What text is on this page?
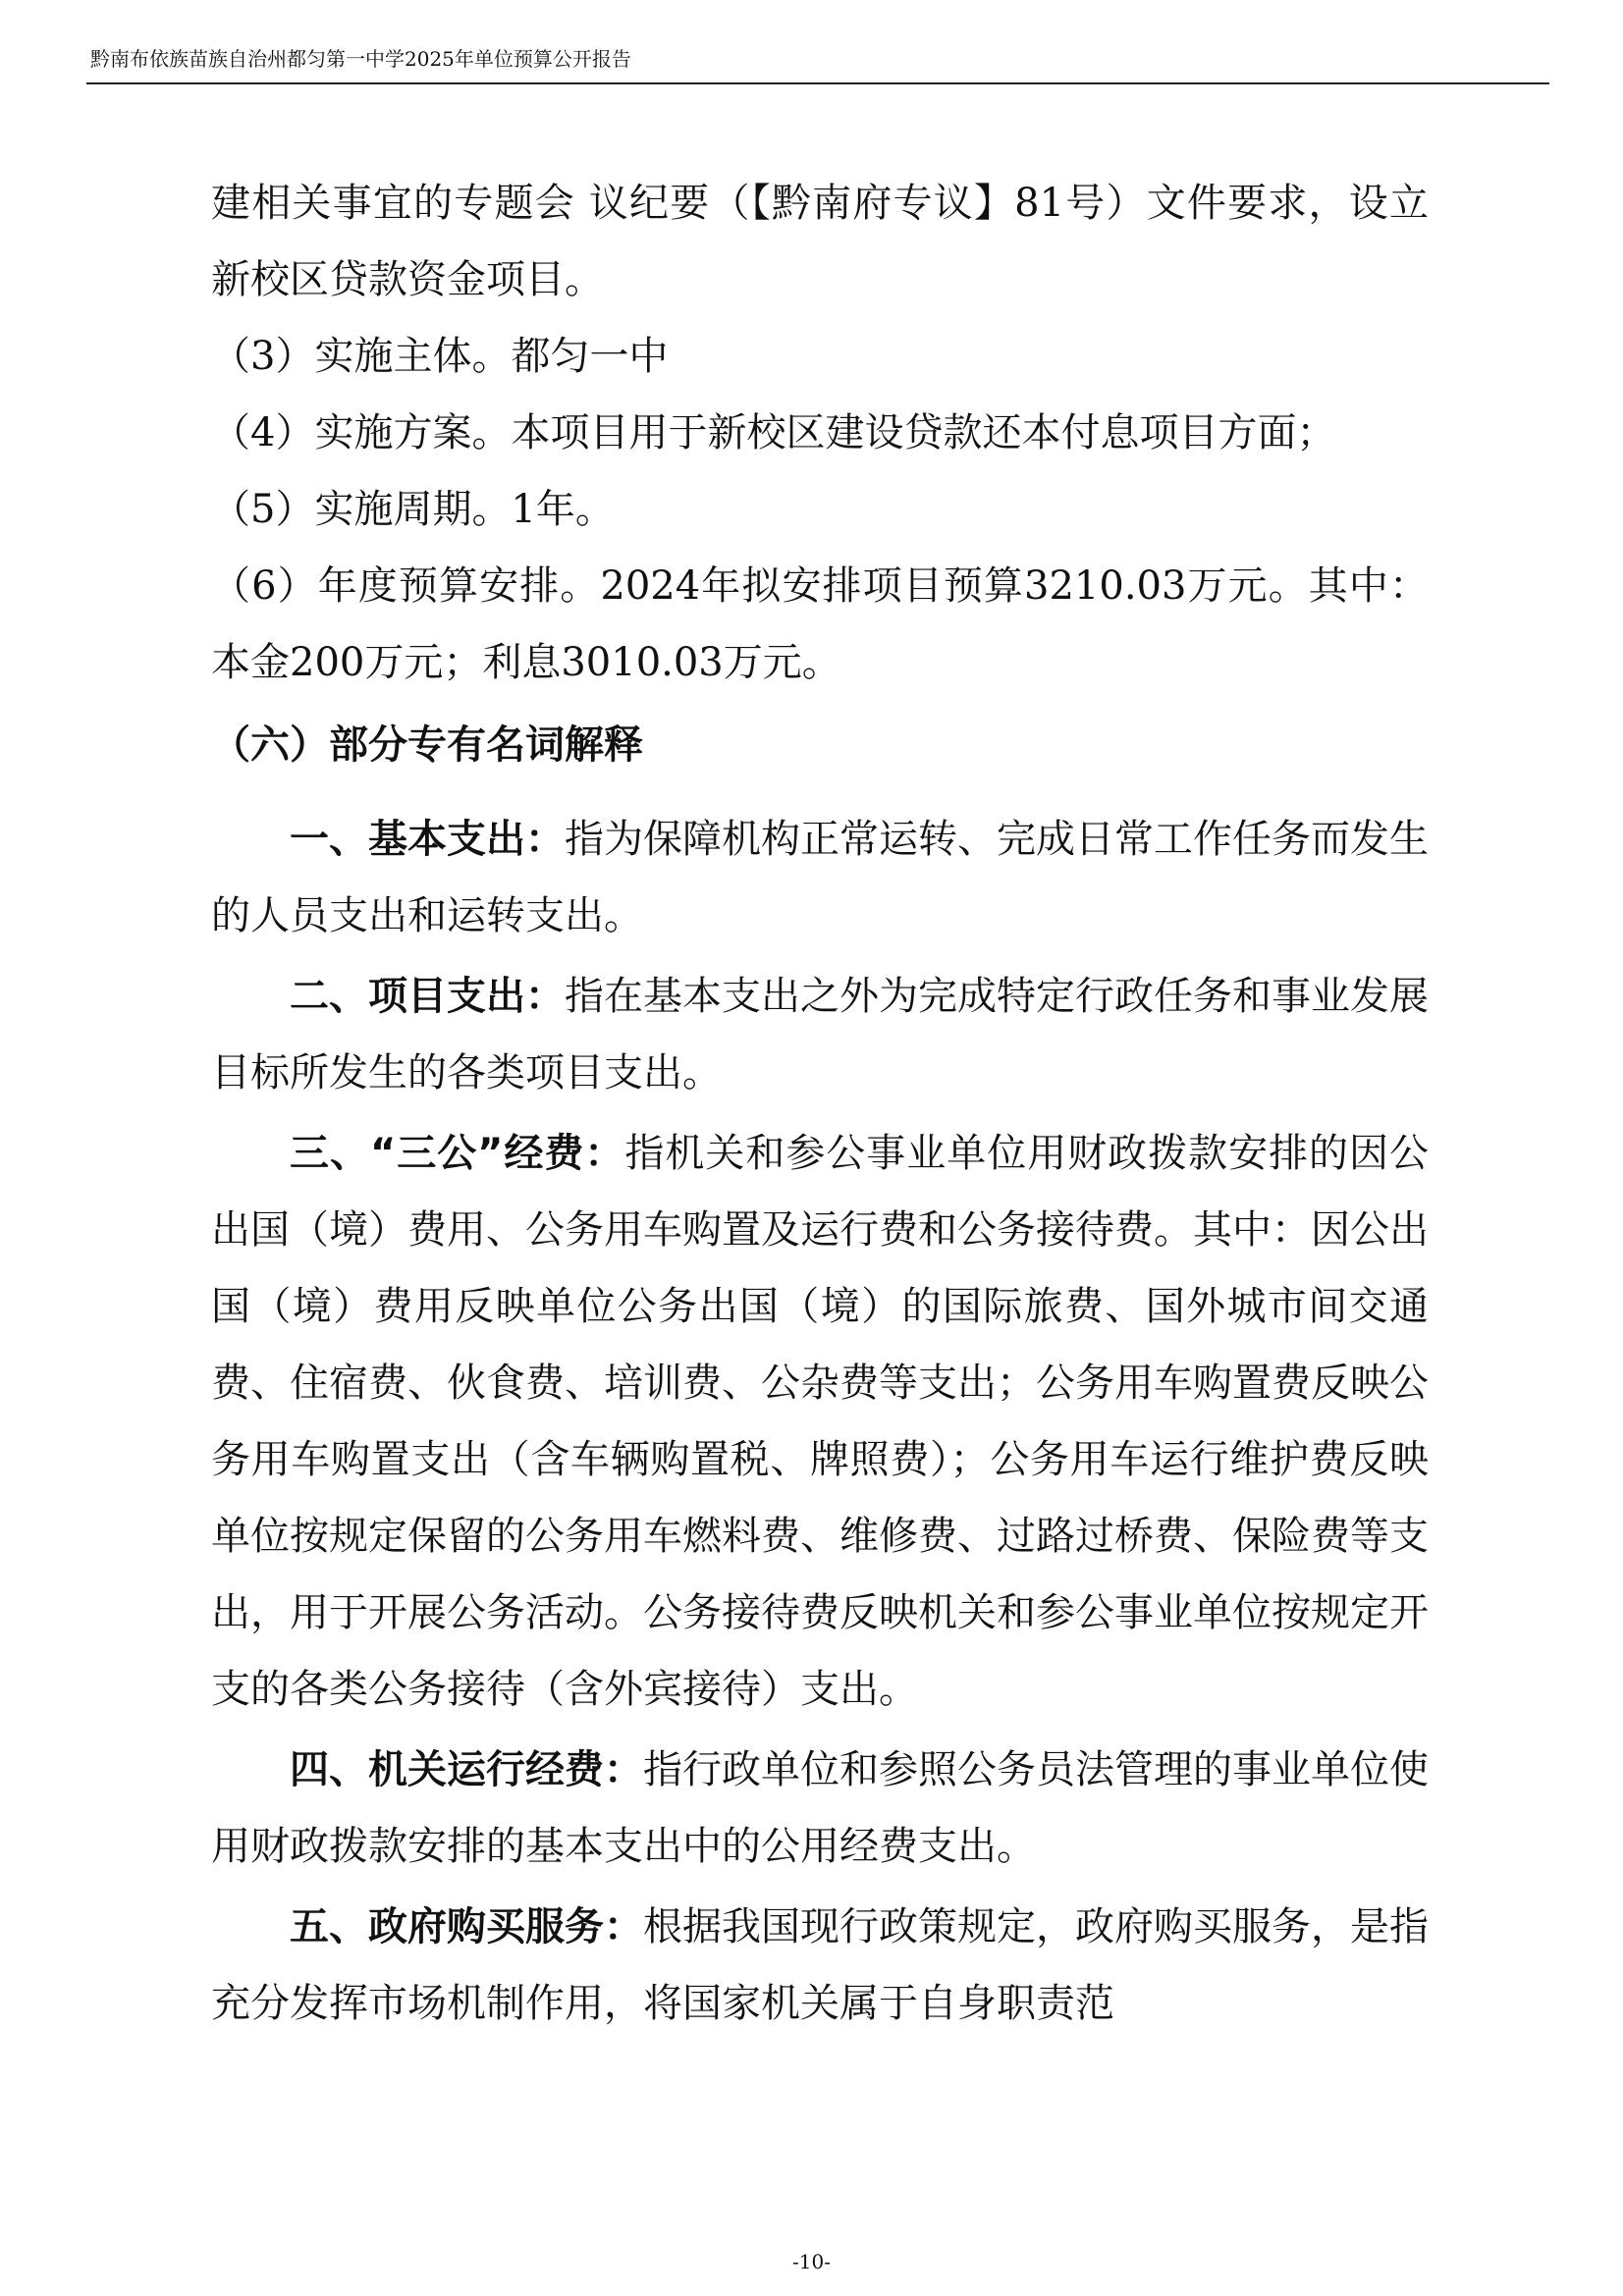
黔南布依族苗族自治州都匀第一中学2025年单位预算公开报告

建相关事宜的专题会 议纪要（【黔南府专议】81号）文件要求，设立新校区贷款资金项目。

（3）实施主体。都匀一中

（4）实施方案。本项目用于新校区建设贷款还本付息项目方面；

（5）实施周期。1年。

（6）年度预算安排。2024年拟安排项目预算3210.03万元。其中：本金200万元；利息3010.03万元。

（六）部分专有名词解释

一、基本支出：指为保障机构正常运转、完成日常工作任务而发生的人员支出和运转支出。

二、项目支出：指在基本支出之外为完成特定行政任务和事业发展目标所发生的各类项目支出。

三、“三公”经费：指机关和参公事业单位用财政拨款安排的因公出国（境）费用、公务用车购置及运行费和公务接待费。其中：因公出国（境）费用反映单位公务出国（境）的国际旅费、国外城市间交通费、住宿费、伙食费、培训费、公杂费等支出；公务用车购置费反映公务用车购置支出（含车辆购置税、牌照费）；公务用车运行维护费反映单位按规定保留的公务用车燃料费、维修费、过路过桥费、保险费等支出，用于开展公务活动。公务接待费反映机关和参公事业单位按规定开支的各类公务接待（含外宾接待）支出。

四、机关运行经费：指行政单位和参照公务员法管理的事业单位使用财政拨款安排的基本支出中的公用经费支出。

五、政府购买服务：根据我国现行政策规定，政府购买服务，是指充分发挥市场机制作用，将国家机关属于自身职责范

-10-
